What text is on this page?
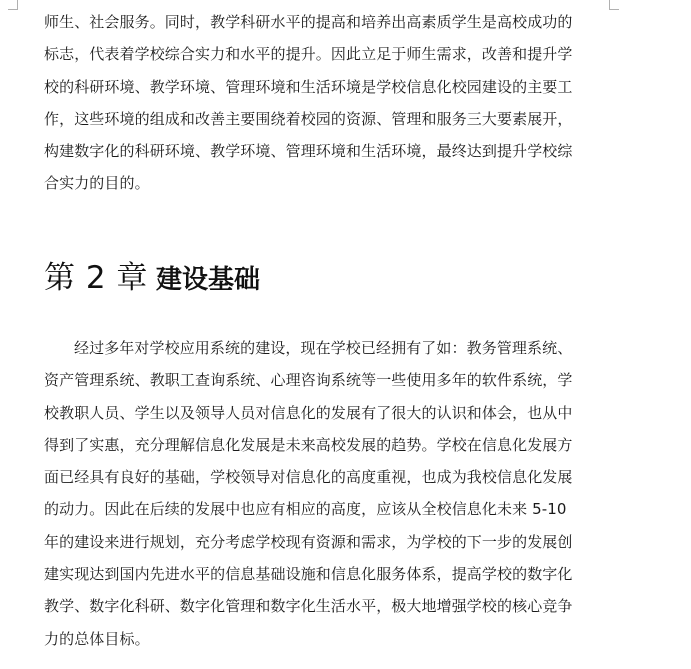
师生、社会服务。同时，教学科研水平的提高和培养出高素质学生是高校成功的
标志，代表着学校综合实力和水平的提升。因此立足于师生需求，改善和提升学
校的科研环境、教学环境、管理环境和生活环境是学校信息化校园建设的主要工
作，这些环境的组成和改善主要围绕着校园的资源、管理和服务三大要素展开，
构建数字化的科研环境、教学环境、管理环境和生活环境，最终达到提升学校综
合实力的目的。

第 2 章 建设基础

经过多年对学校应用系统的建设，现在学校已经拥有了如：教务管理系统、
资产管理系统、教职工查询系统、心理咨询系统等一些使用多年的软件系统，学
校教职人员、学生以及领导人员对信息化的发展有了很大的认识和体会，也从中
得到了实惠，充分理解信息化发展是未来高校发展的趋势。学校在信息化发展方
面已经具有良好的基础，学校领导对信息化的高度重视，也成为我校信息化发展
的动力。因此在后续的发展中也应有相应的高度，应该从全校信息化未来 5-10
年的建设来进行规划，充分考虑学校现有资源和需求，为学校的下一步的发展创
建实现达到国内先进水平的信息基础设施和信息化服务体系，提高学校的数字化
教学、数字化科研、数字化管理和数字化生活水平，极大地增强学校的核心竞争
力的总体目标。
